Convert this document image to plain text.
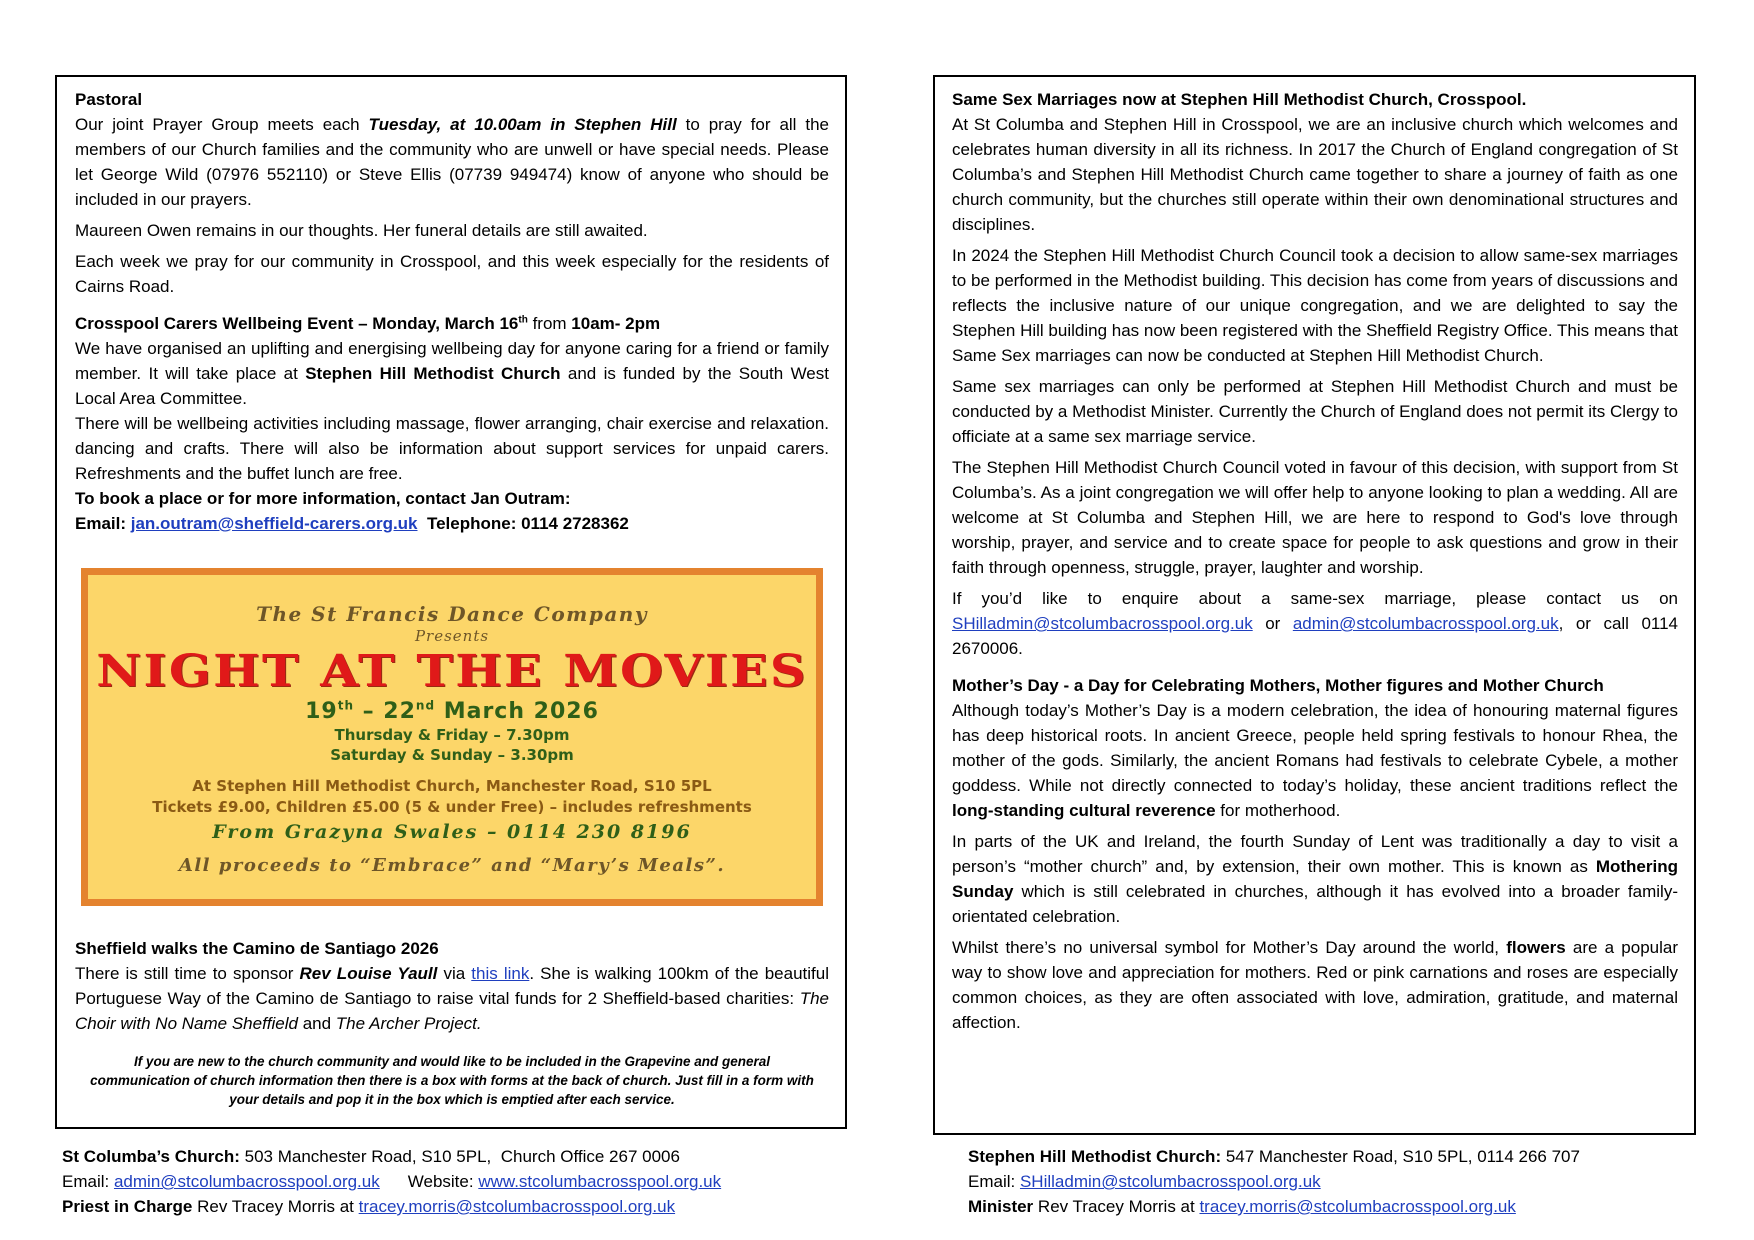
Pastoral

Our joint Prayer Group meets each Tuesday, at 10.00am in Stephen Hill to pray for all the members of our Church families and the community who are unwell or have special needs. Please let George Wild (07976 552110) or Steve Ellis (07739 949474) know of anyone who should be included in our prayers.

Maureen Owen remains in our thoughts. Her funeral details are still awaited.

Each week we pray for our community in Crosspool, and this week especially for the residents of Cairns Road.

Crosspool Carers Wellbeing Event – Monday, March 16th from 10am- 2pm

We have organised an uplifting and energising wellbeing day for anyone caring for a friend or family member. It will take place at Stephen Hill Methodist Church and is funded by the South West Local Area Committee.

There will be wellbeing activities including massage, flower arranging, chair exercise and relaxation. dancing and crafts. There will also be information about support services for unpaid carers. Refreshments and the buffet lunch are free.

To book a place or for more information, contact Jan Outram:

Email: jan.outram@sheffield-carers.org.uk  Telephone: 0114 2728362

The St Francis Dance Company
Presents
NIGHT AT THE MOVIES
19th – 22nd March 2026
Thursday & Friday – 7.30pm
Saturday & Sunday – 3.30pm
At Stephen Hill Methodist Church, Manchester Road, S10 5PL
Tickets £9.00, Children £5.00 (5 & under Free) – includes refreshments
From Grazyna Swales – 0114 230 8196
All proceeds to “Embrace” and “Mary’s Meals”.

Sheffield walks the Camino de Santiago 2026

There is still time to sponsor Rev Louise Yaull via this link. She is walking 100km of the beautiful Portuguese Way of the Camino de Santiago to raise vital funds for 2 Sheffield-based charities: The Choir with No Name Sheffield and The Archer Project.

If you are new to the church community and would like to be included in the Grapevine and general communication of church information then there is a box with forms at the back of church. Just fill in a form with your details and pop it in the box which is emptied after each service.

Same Sex Marriages now at Stephen Hill Methodist Church, Crosspool.

At St Columba and Stephen Hill in Crosspool, we are an inclusive church which welcomes and celebrates human diversity in all its richness. In 2017 the Church of England congregation of St Columba’s and Stephen Hill Methodist Church came together to share a journey of faith as one church community, but the churches still operate within their own denominational structures and disciplines.

In 2024 the Stephen Hill Methodist Church Council took a decision to allow same-sex marriages to be performed in the Methodist building. This decision has come from years of discussions and reflects the inclusive nature of our unique congregation, and we are delighted to say the Stephen Hill building has now been registered with the Sheffield Registry Office. This means that Same Sex marriages can now be conducted at Stephen Hill Methodist Church.

Same sex marriages can only be performed at Stephen Hill Methodist Church and must be conducted by a Methodist Minister. Currently the Church of England does not permit its Clergy to officiate at a same sex marriage service.

The Stephen Hill Methodist Church Council voted in favour of this decision, with support from St Columba’s. As a joint congregation we will offer help to anyone looking to plan a wedding. All are welcome at St Columba and Stephen Hill, we are here to respond to God's love through worship, prayer, and service and to create space for people to ask questions and grow in their faith through openness, struggle, prayer, laughter and worship.

If you’d like to enquire about a same-sex marriage, please contact us on SHilladmin@stcolumbacrosspool.org.uk or admin@stcolumbacrosspool.org.uk, or call 0114 2670006.

Mother’s Day - a Day for Celebrating Mothers, Mother figures and Mother Church

Although today’s Mother’s Day is a modern celebration, the idea of honouring maternal figures has deep historical roots. In ancient Greece, people held spring festivals to honour Rhea, the mother of the gods. Similarly, the ancient Romans had festivals to celebrate Cybele, a mother goddess. While not directly connected to today’s holiday, these ancient traditions reflect the long-standing cultural reverence for motherhood.

In parts of the UK and Ireland, the fourth Sunday of Lent was traditionally a day to visit a person’s “mother church” and, by extension, their own mother. This is known as Mothering Sunday which is still celebrated in churches, although it has evolved into a broader family-orientated celebration.

Whilst there’s no universal symbol for Mother’s Day around the world, flowers are a popular way to show love and appreciation for mothers. Red or pink carnations and roses are especially common choices, as they are often associated with love, admiration, gratitude, and maternal affection.

St Columba’s Church: 503 Manchester Road, S10 5PL,  Church Office 267 0006

Email: admin@stcolumbacrosspool.org.uk Website: www.stcolumbacrosspool.org.uk

Priest in Charge Rev Tracey Morris at tracey.morris@stcolumbacrosspool.org.uk

Stephen Hill Methodist Church: 547 Manchester Road, S10 5PL, 0114 266 707

Email: SHilladmin@stcolumbacrosspool.org.uk

Minister Rev Tracey Morris at tracey.morris@stcolumbacrosspool.org.uk
